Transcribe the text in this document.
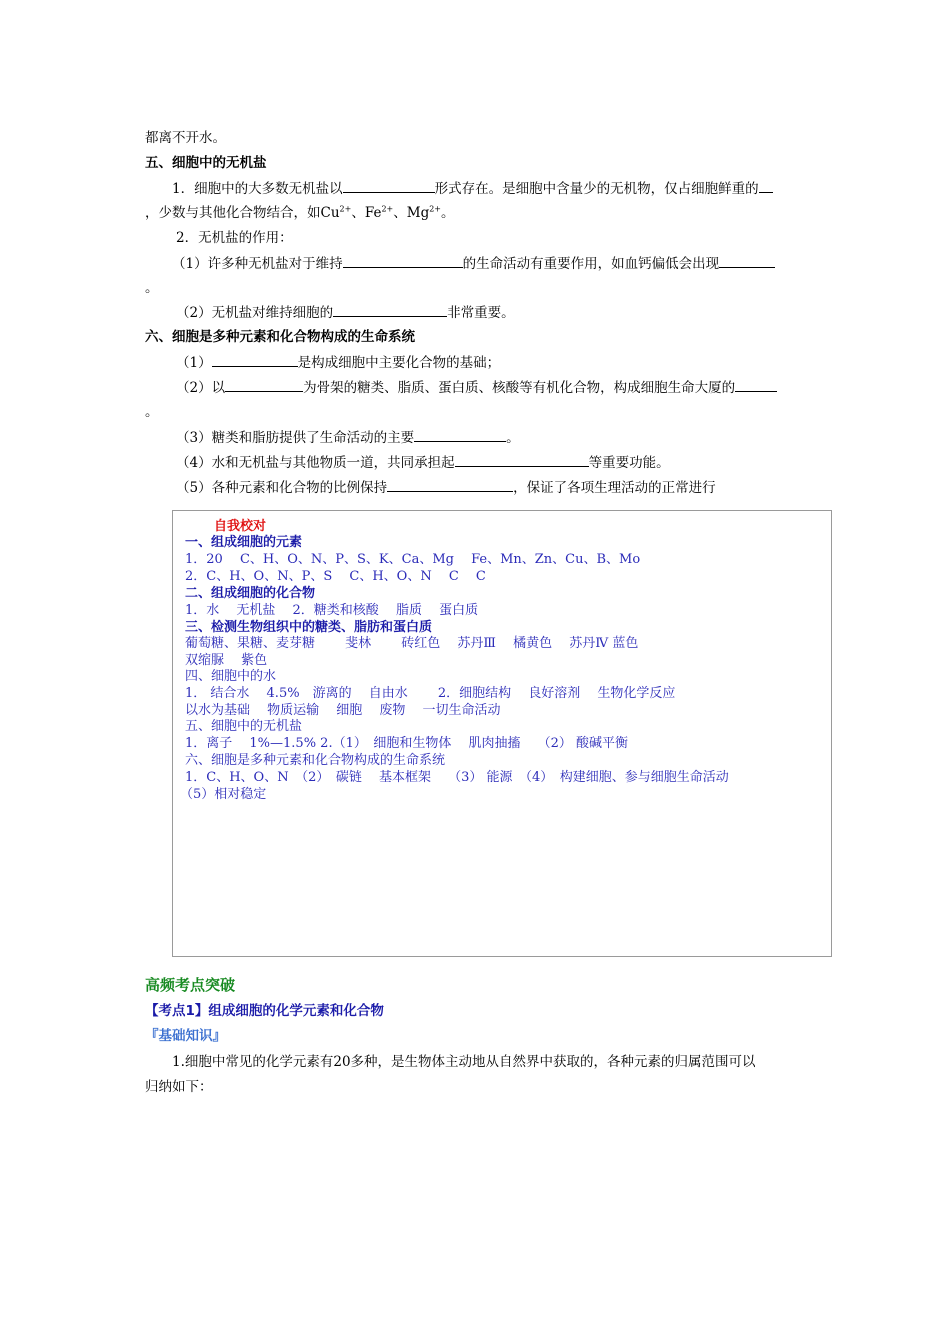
都离不开水。
五、细胞中的无机盐
1．细胞中的大多数无机盐以	形式存在。是细胞中含量少的无机物，仅占细胞鲜重的
，少数与其他化合物结合，如$Cu^{2+}$、$Fe^{2+}$、$Mg^{2+}$。
2．无机盐的作用：
（1）许多种无机盐对于维持	的生命活动有重要作用，如血钙偏低会出现
。
（2）无机盐对维持细胞的	非常重要。
六、细胞是多种元素和化合物构成的生命系统
（1）	是构成细胞中主要化合物的基础；
（2）以	为骨架的糖类、脂质、蛋白质、核酸等有机化合物，构成细胞生命大厦的
。
（3）糖类和脂肪提供了生命活动的主要	。
（4）水和无机盐与其他物质一道，共同承担起	等重要功能。
（5）各种元素和化合物的比例保持	，保证了各项生理活动的正常进行
自我校对
一、组成细胞的元素
1．20　 C、H、O、N、P、S、K、Ca、Mg　 Fe、Mn、Zn、Cu、B、Mo
2．C、H、O、N、P、S　 C、H、O、N　 C　 C
二、组成细胞的化合物
1．水　 无机盐　 2．糖类和核酸　 脂质　 蛋白质
三、检测生物组织中的糖类、脂肪和蛋白质
葡萄糖、果糖、麦芽糖　　 斐林　　 砖红色　 苏丹Ⅲ　 橘黄色　 苏丹Ⅳ 蓝色
双缩脲　 紫色
四、细胞中的水
1． 结合水　 4.5%　游离的　 自由水　　 2．细胞结构　 良好溶剂　 生物化学反应
以水为基础　 物质运输　 细胞　 废物　 一切生命活动
五、细胞中的无机盐
1．离子　 1%—1.5% 2.（1）　细胞和生物体　 肌肉抽搐　 （2） 酸碱平衡
六、细胞是多种元素和化合物构成的生命系统
1．C、H、O、N　（2）　碳链　 基本框架　 （3） 能源　（4）　构建细胞、参与细胞生命活动
（5）相对稳定
高频考点突破
【考点1】组成细胞的化学元素和化合物
『基础知识』
1.细胞中常见的化学元素有20多种，是生物体主动地从自然界中获取的，各种元素的归属范围可以
归纳如下：
